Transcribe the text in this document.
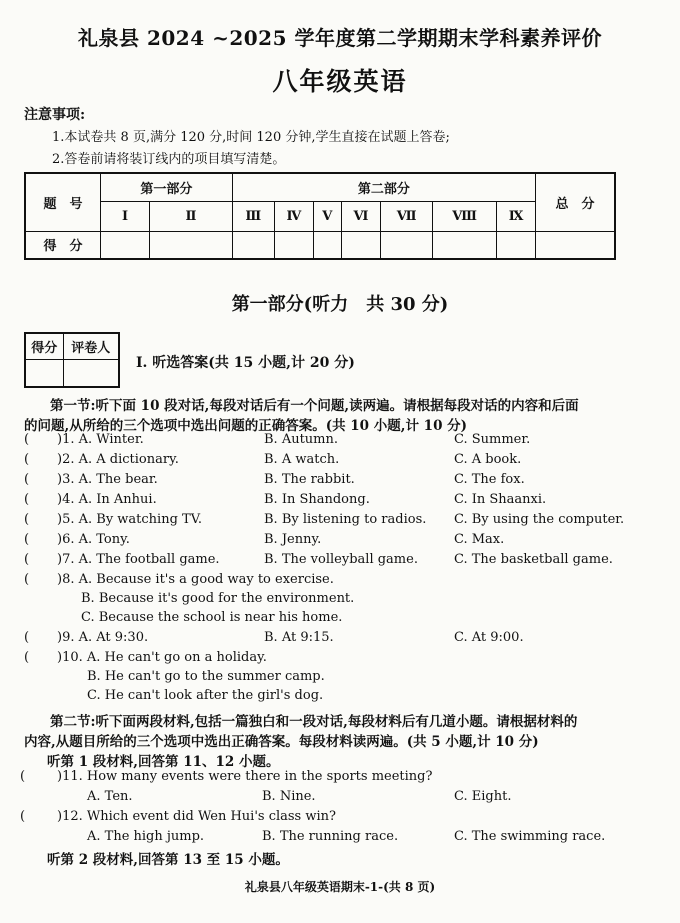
礼泉县 2024 ~2025 学年度第二学期期末学科素养评价
八年级英语
注意事项:
1.本试卷共 8 页,满分 120 分,时间 120 分钟,学生直接在试题上答卷;
2.答卷前请将装订线内的项目填写清楚。
题　号	第一部分		第二部分							总　分
	Ⅰ	Ⅱ	Ⅲ	Ⅳ	Ⅴ	Ⅵ	Ⅶ	Ⅷ	Ⅸ	
得　分										
第一部分(听力　共 30 分)
得分	评卷人

Ⅰ. 听选答案(共 15 小题,计 20 分)
第一节:听下面 10 段对话,每段对话后有一个问题,读两遍。请根据每段对话的内容和后面
的问题,从所给的三个选项中选出问题的正确答案。(共 10 小题,计 10 分)
( )1. A. Winter.	B. Autumn.	C. Summer.
( )2. A. A dictionary.	B. A watch.	C. A book.
( )3. A. The bear.	B. The rabbit.	C. The fox.
( )4. A. In Anhui.	B. In Shandong.	C. In Shaanxi.
( )5. A. By watching TV.	B. By listening to radios. C. By using the computer.
( )6. A. Tony.	B. Jenny.	C. Max.
( )7. A. The football game.	B. The volleyball game.	C. The basketball game.
( )8. A. Because it's a good way to exercise.
B. Because it's good for the environment.
C. Because the school is near his home.
( )9. A. At 9:30.	B. At 9:15.	C. At 9:00.
( )10. A. He can't go on a holiday.
B. He can't go to the summer camp.
C. He can't look after the girl's dog.
第二节:听下面两段材料,包括一篇独白和一段对话,每段材料后有几道小题。请根据材料的
内容,从题目所给的三个选项中选出正确答案。每段材料读两遍。(共 5 小题,计 10 分)
听第 1 段材料,回答第 11、12 小题。
( )11. How many events were there in the sports meeting?
A. Ten.	B. Nine.	C. Eight.
( )12. Which event did Wen Hui's class win?
A. The high jump.	B. The running race.	C. The swimming race.
听第 2 段材料,回答第 13 至 15 小题。
礼泉县八年级英语期末-1-(共 8 页)
